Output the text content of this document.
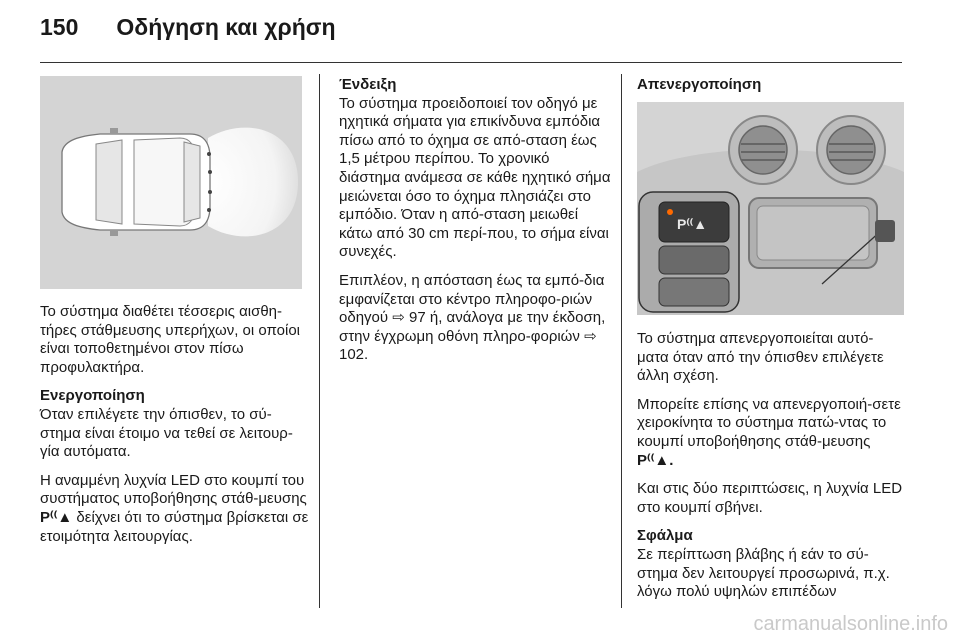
150 Οδήγηση και χρήση

Το σύστημα διαθέτει τέσσερις αισθη-τήρες στάθμευσης υπερήχων, οι οποίοι είναι τοποθετημένοι στον πίσω προφυλακτήρα.

Ενεργοποίηση

Όταν επιλέγετε την όπισθεν, το σύ-στημα είναι έτοιμο να τεθεί σε λειτουρ-γία αυτόματα.

Η αναμμένη λυχνία LED στο κουμπί του συστήματος υποβοήθησης στάθ-μευσης P⁽⁽▲ δείχνει ότι το σύστημα βρίσκεται σε ετοιμότητα λειτουργίας.

Ένδειξη

Το σύστημα προειδοποιεί τον οδηγό με ηχητικά σήματα για επικίνδυνα εμπόδια πίσω από το όχημα σε από-σταση έως 1,5 μέτρου περίπου. Το χρονικό διάστημα ανάμεσα σε κάθε ηχητικό σήμα μειώνεται όσο το όχημα πλησιάζει στο εμπόδιο. Όταν η από-σταση μειωθεί κάτω από 30 cm περί-που, το σήμα είναι συνεχές.

Επιπλέον, η απόσταση έως τα εμπό-δια εμφανίζεται στο κέντρο πληροφο-ριών οδηγού ⇨ 97 ή, ανάλογα με την έκδοση, στην έγχρωμη οθόνη πληρο-φοριών ⇨ 102.

Απενεργοποίηση
P⁽⁽▲

Το σύστημα απενεργοποιείται αυτό-ματα όταν από την όπισθεν επιλέγετε άλλη σχέση.

Μπορείτε επίσης να απενεργοποιή-σετε χειροκίνητα το σύστημα πατώ-ντας το κουμπί υποβοήθησης στάθ-μευσης P⁽⁽▲.

Και στις δύο περιπτώσεις, η λυχνία LED στο κουμπί σβήνει.

Σφάλμα

Σε περίπτωση βλάβης ή εάν το σύ-στημα δεν λειτουργεί προσωρινά, π.χ. λόγω πολύ υψηλών επιπέδων

carmanualsonline.info
